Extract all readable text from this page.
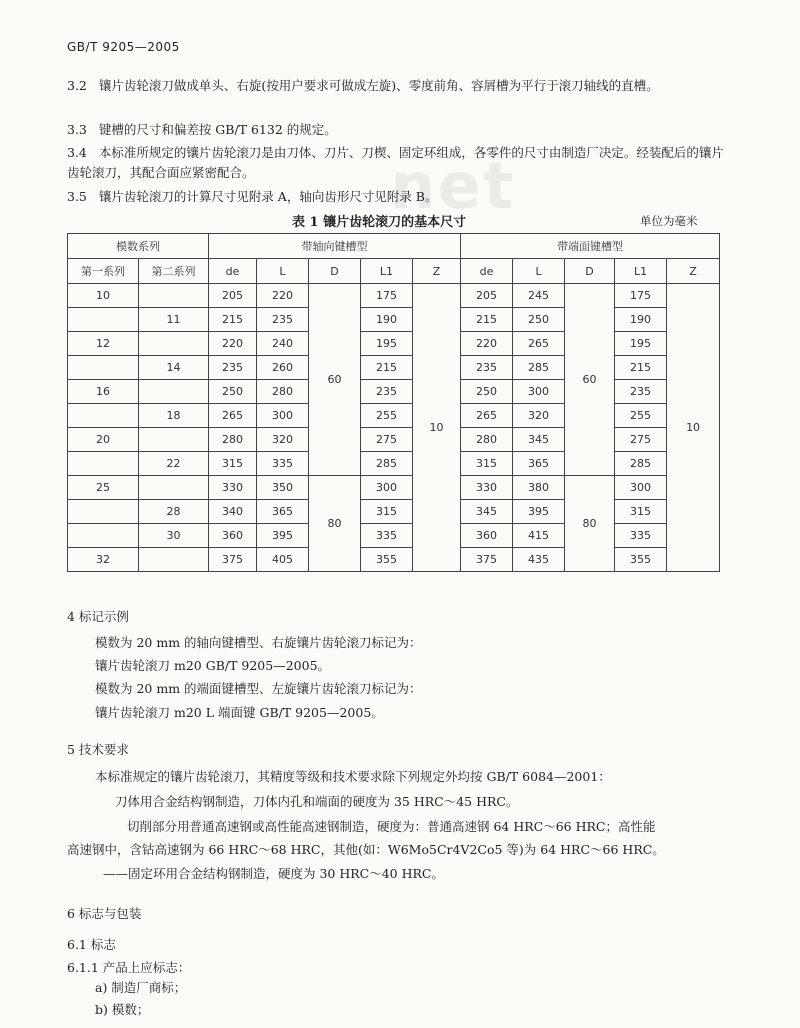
GB/T 9205—2005
net
3.2 镶片齿轮滚刀做成单头、右旋(按用户要求可做成左旋)、零度前角、容屑槽为平行于滚刀轴线的直槽。
3.3 键槽的尺寸和偏差按 GB/T 6132 的规定。
3.4 本标准所规定的镶片齿轮滚刀是由刀体、刀片、刀楔、固定环组成，各零件的尺寸由制造厂决定。经装配后的镶片齿轮滚刀，其配合面应紧密配合。
3.5 镶片齿轮滚刀的计算尺寸见附录 A，轴向齿形尺寸见附录 B。
表 1 镶片齿轮滚刀的基本尺寸	单位为毫米
模数系列		带轴向键槽型					带端面键槽型				
第一系列	第二系列	de	L	D	L1	Z	de	L	D	L1	Z
10		205	220	60	175	10	205	245	60	175	10
	11	215	235		190		215	250		190	
12		220	240		195		220	265		195	
	14	235	260		215		235	285		215	
16		250	280		235		250	300		235	
	18	265	300		255		265	320		255	
20		280	320		275		280	345		275	
	22	315	335		285		315	365		285	
25		330	350	80	300		330	380	80	300	
	28	340	365		315		345	395		315	
	30	360	395		335		360	415		335	
32		375	405		355		375	435		355	
4 标记示例
模数为 20 mm 的轴向键槽型、右旋镶片齿轮滚刀标记为：
镶片齿轮滚刀 m20 GB/T 9205—2005。
模数为 20 mm 的端面键槽型、左旋镶片齿轮滚刀标记为：
镶片齿轮滚刀 m20 L 端面键 GB/T 9205—2005。
5 技术要求
本标准规定的镶片齿轮滚刀，其精度等级和技术要求除下列规定外均按 GB/T 6084—2001：
刀体用合金结构钢制造，刀体内孔和端面的硬度为 35 HRC～45 HRC。
切削部分用普通高速钢或高性能高速钢制造，硬度为：普通高速钢 64 HRC～66 HRC；高性能
高速钢中，含钴高速钢为 66 HRC～68 HRC，其他(如：W6Mo5Cr4V2Co5 等)为 64 HRC～66 HRC。
——固定环用合金结构钢制造，硬度为 30 HRC～40 HRC。
6 标志与包装
6.1 标志
6.1.1 产品上应标志：
a) 制造厂商标；
b) 模数；
